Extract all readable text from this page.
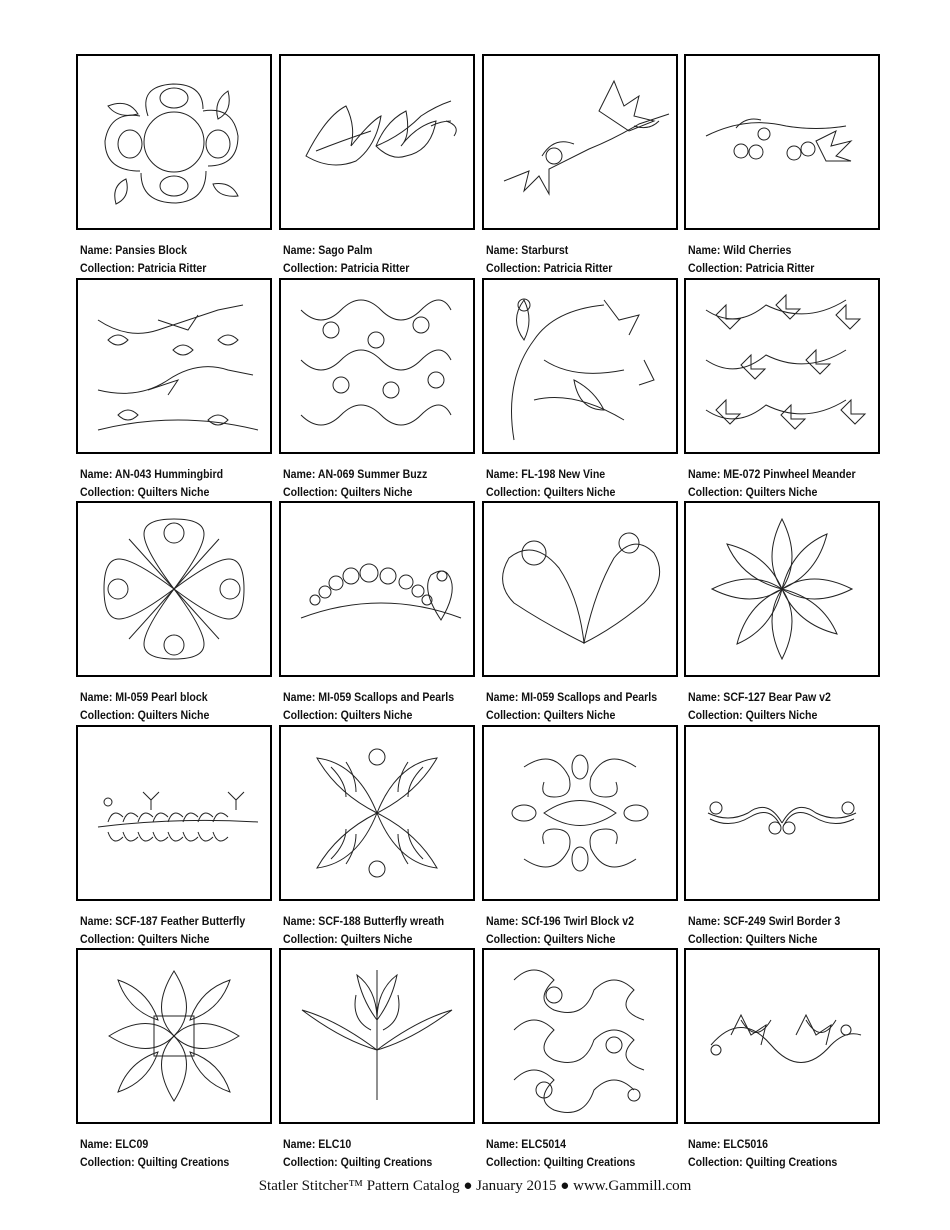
Name: Pansies Block
Collection: Patricia Ritter
Name: Sago Palm
Collection: Patricia Ritter
Name: Starburst
Collection: Patricia Ritter
Name: Wild Cherries
Collection: Patricia Ritter
Name: AN-043 Hummingbird
Collection: Quilters Niche
Name: AN-069 Summer Buzz
Collection: Quilters Niche
Name: FL-198 New Vine
Collection: Quilters Niche
Name: ME-072 Pinwheel Meander
Collection: Quilters Niche
Name: MI-059 Pearl block
Collection: Quilters Niche
Name: MI-059 Scallops and Pearls
Collection: Quilters Niche
Name: MI-059 Scallops and Pearls
Collection: Quilters Niche
Name: SCF-127 Bear Paw v2
Collection: Quilters Niche
Name: SCF-187 Feather Butterfly
Collection: Quilters Niche
Name: SCF-188 Butterfly wreath
Collection: Quilters Niche
Name: SCf-196 Twirl Block v2
Collection: Quilters Niche
Name: SCF-249 Swirl Border 3
Collection: Quilters Niche
Name: ELC09
Collection: Quilting Creations
Name: ELC10
Collection: Quilting Creations
Name: ELC5014
Collection: Quilting Creations
Name: ELC5016
Collection: Quilting Creations
Statler Stitcher™ Pattern Catalog ● January 2015 ● www.Gammill.com
